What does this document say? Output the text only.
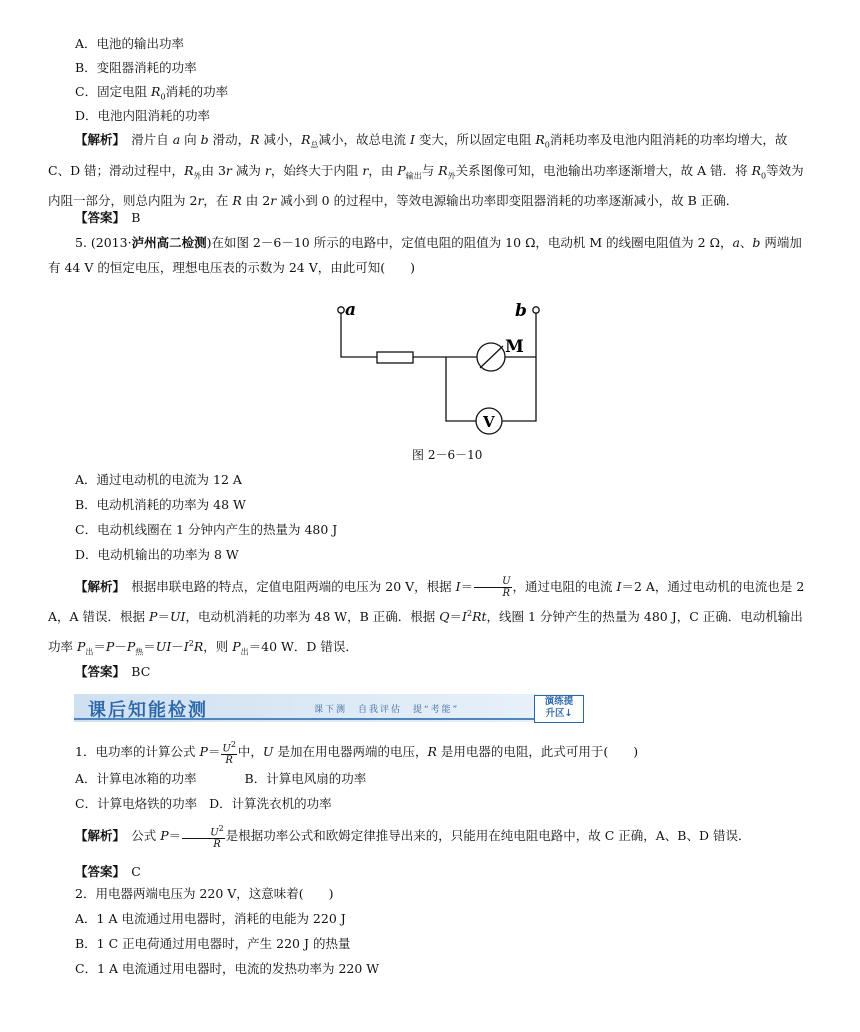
A．电池的输出功率
B．变阻器消耗的功率
C．固定电阻 $R_0$消耗的功率
D．电池内阻消耗的功率
【解析】　滑片自 a 向 b 滑动，R 减小，$R_总$减小，故总电流 I 变大，所以固定电阻 $R_0$消耗功率及电池内阻消耗的功率均增大，故 C、D 错；滑动过程中，$R_外$由 3r 减为 r，始终大于内阻 r，由 $P_{输出}$与 $R_外$关系图像可知，电池输出功率逐渐增大，故 A 错．将 $R_0$等效为内阻一部分，则总内阻为 2r，在 R 由 2r 减小到 0 的过程中，等效电源输出功率即变阻器消耗的功率逐渐减小，故 B 正确．
【答案】　 B
5. (2013·泸州高二检测)在如图 2－6－10 所示的电路中，定值电阻的阻值为 10 Ω，电动机 M 的线圈电阻值为 2 Ω，a、b 两端加有 44 V 的恒定电压，理想电压表的示数为 24 V，由此可知(　　)
a	b
M
V
图 2－6－10
A．通过电动机的电流为 12 A
B．电动机消耗的功率为 48 W
C．电动机线圈在 1 分钟内产生的热量为 480 J
D．电动机输出的功率为 8 W
【解析】　根据串联电路的特点，定值电阻两端的电压为 20 V，根据 $I= \frac{U}{R}$ ，通过电阻的电流 I＝2 A，通过电动机的电流也是 2 A，A 错误．根据 P＝UI，电动机消耗的功率为 48 W，B 正确．根据 $Q=I^2Rt$，线圈 1 分钟产生的热量为 480 J，C 正确．电动机输出功率 $P_出=P-P_热=UI-I^2R$，则 $P_出=40$ W．D 错误．
【答案】　 BC
课后知能检测	课下测　自我评估　提“考能”
演练提
升区↓
1．电功率的计算公式 $P= \frac{U^2}{R}$ 中，U 是加在用电器两端的电压，R 是用电器的电阻，此式可用于(　　)
A．计算电冰箱的功率	B．计算电风扇的功率
C．计算电烙铁的功率 D．计算洗衣机的功率
【解析】　公式 $P= \frac{U^2}{R}$ 是根据功率公式和欧姆定律推导出来的，只能用在纯电阻电路中，故 C 正确，A、B、D 错误．
【答案】　 C
2．用电器两端电压为 220 V，这意味着(　　)
A．1 A 电流通过用电器时，消耗的电能为 220 J
B．1 C 正电荷通过用电器时，产生 220 J 的热量
C．1 A 电流通过用电器时，电流的发热功率为 220 W
